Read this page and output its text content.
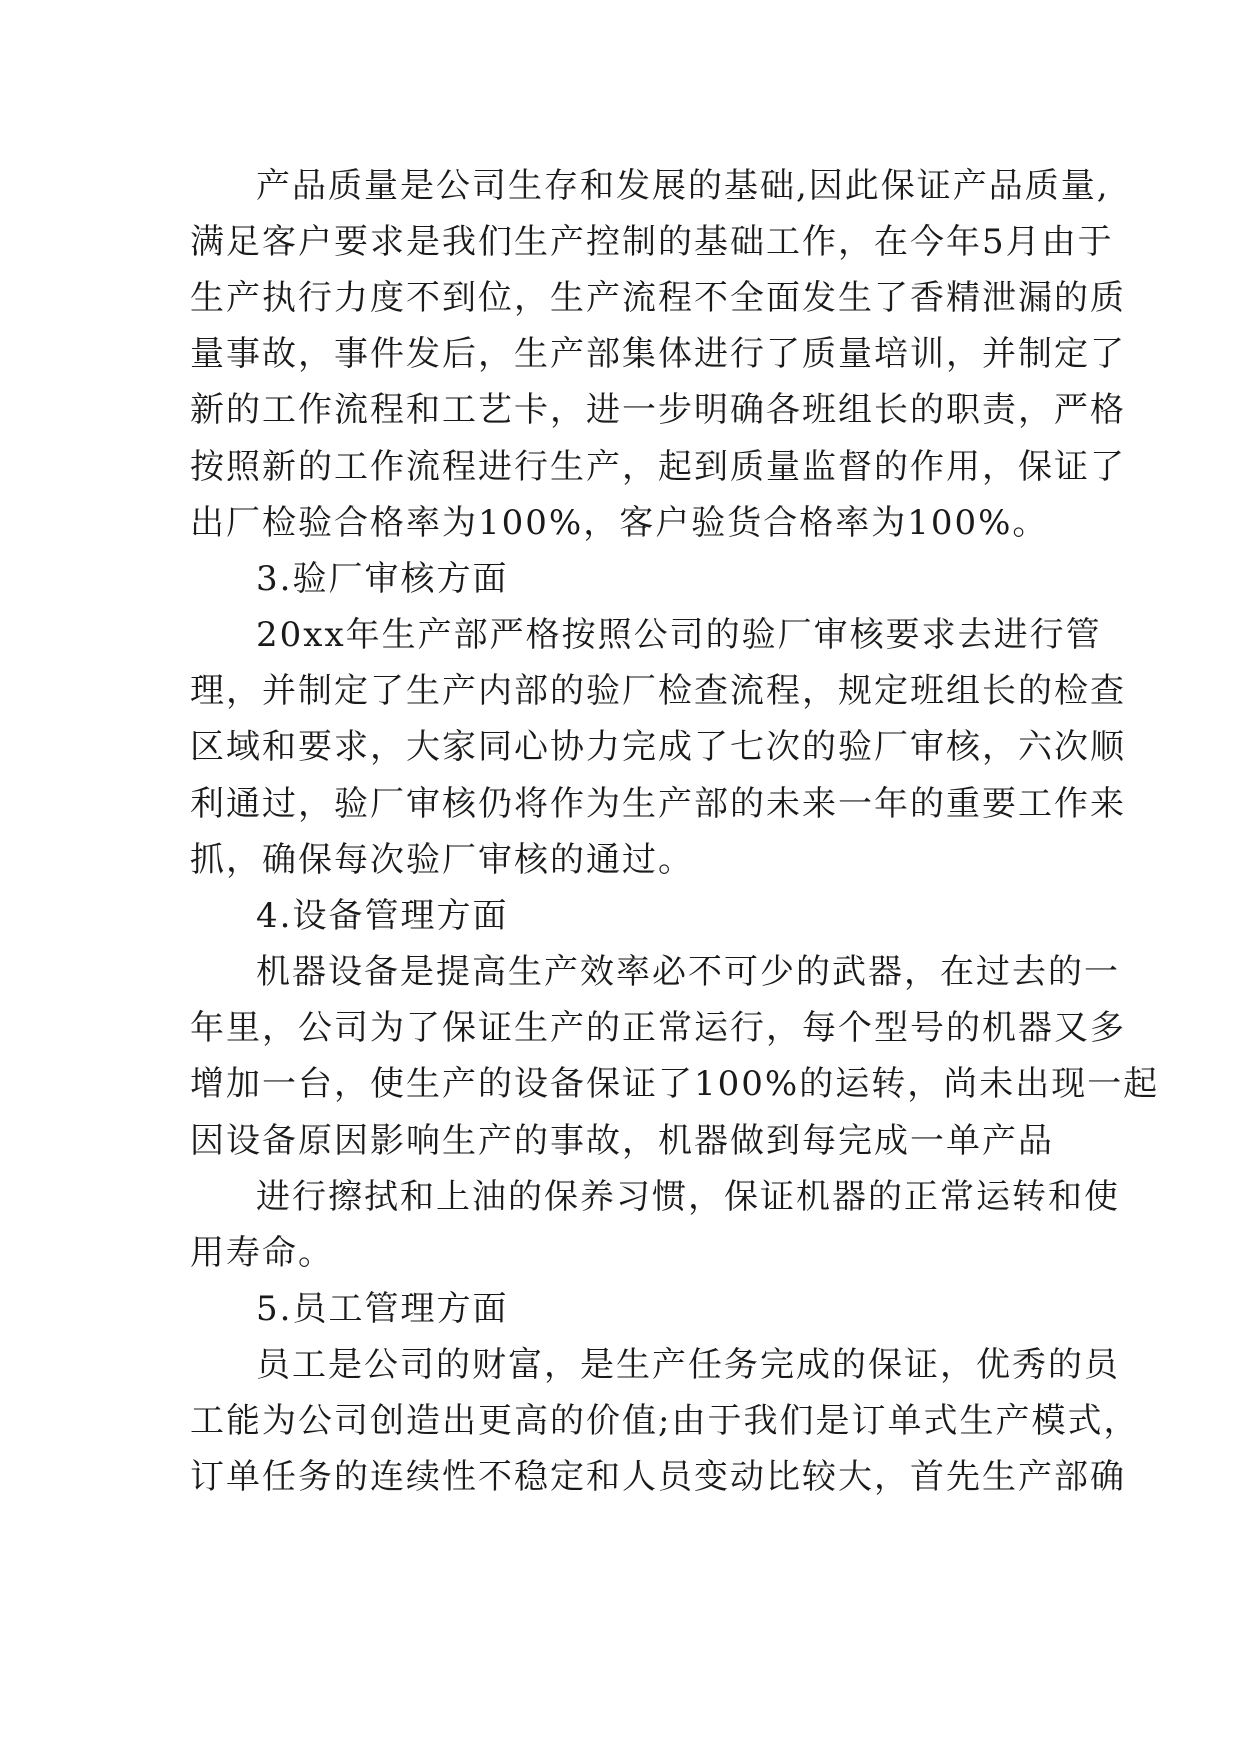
产品质量是公司生存和发展的基础,因此保证产品质量,
满足客户要求是我们生产控制的基础工作，在今年5月由于
生产执行力度不到位，生产流程不全面发生了香精泄漏的质
量事故，事件发后，生产部集体进行了质量培训，并制定了
新的工作流程和工艺卡，进一步明确各班组长的职责，严格
按照新的工作流程进行生产，起到质量监督的作用，保证了
出厂检验合格率为100%，客户验货合格率为100%。
3.验厂审核方面
20xx年生产部严格按照公司的验厂审核要求去进行管
理，并制定了生产内部的验厂检查流程，规定班组长的检查
区域和要求，大家同心协力完成了七次的验厂审核，六次顺
利通过，验厂审核仍将作为生产部的未来一年的重要工作来
抓，确保每次验厂审核的通过。
4.设备管理方面
机器设备是提高生产效率必不可少的武器，在过去的一
年里，公司为了保证生产的正常运行，每个型号的机器又多
增加一台，使生产的设备保证了100%的运转，尚未出现一起
因设备原因影响生产的事故，机器做到每完成一单产品
进行擦拭和上油的保养习惯，保证机器的正常运转和使
用寿命。
5.员工管理方面
员工是公司的财富，是生产任务完成的保证，优秀的员
工能为公司创造出更高的价值;由于我们是订单式生产模式，
订单任务的连续性不稳定和人员变动比较大，首先生产部确
